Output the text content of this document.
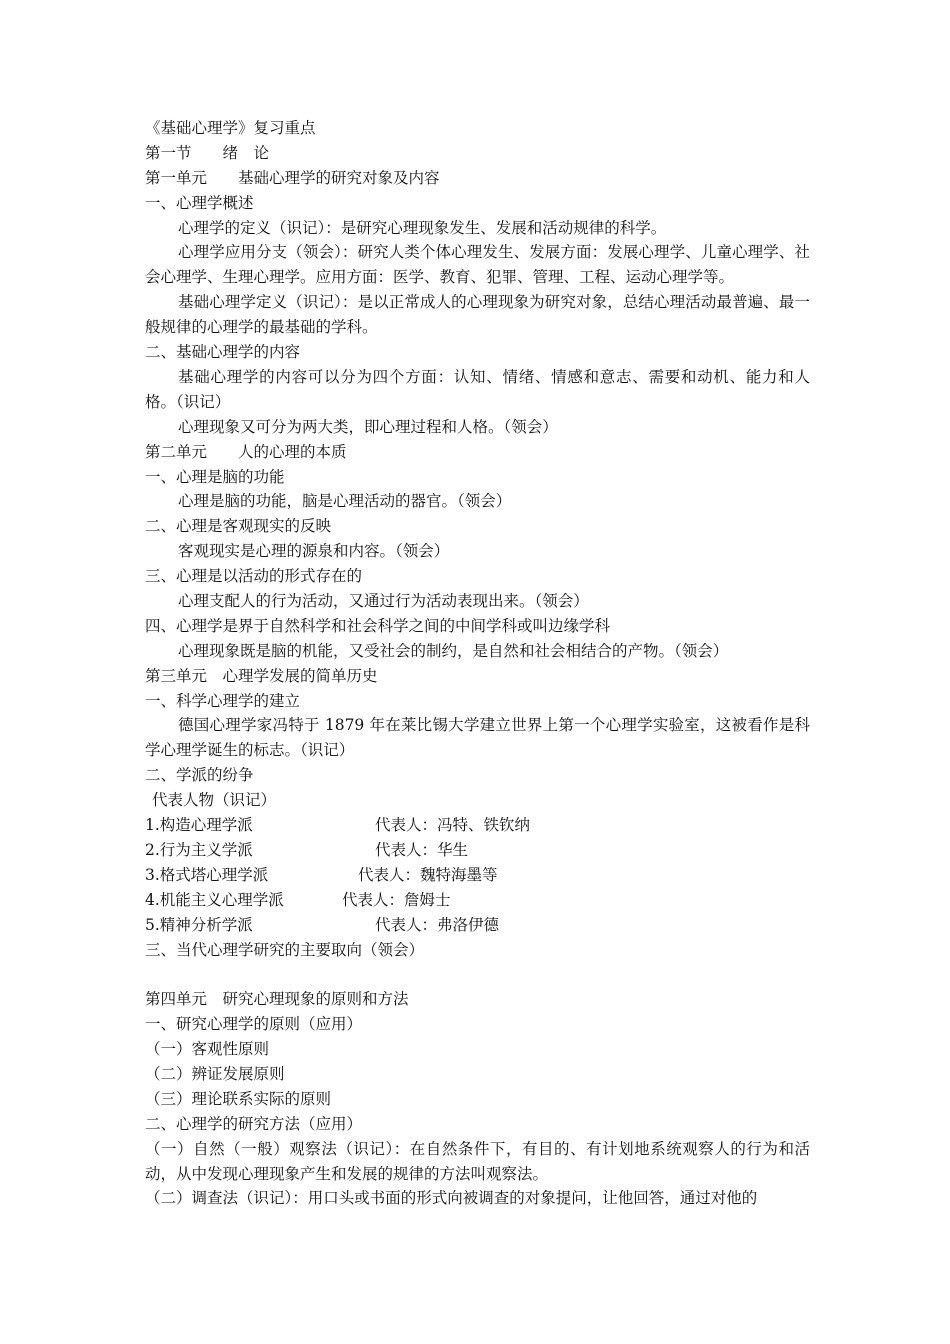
《基础心理学》复习重点
第一节　　绪　论
第一单元　　基础心理学的研究对象及内容
一、心理学概述
心理学的定义（识记）：是研究心理现象发生、发展和活动规律的科学。
心理学应用分支（领会）：研究人类个体心理发生、发展方面：发展心理学、儿童心理学、社会心理学、生理心理学。应用方面：医学、教育、犯罪、管理、工程、运动心理学等。
基础心理学定义（识记）：是以正常成人的心理现象为研究对象，总结心理活动最普遍、最一般规律的心理学的最基础的学科。
二、基础心理学的内容
基础心理学的内容可以分为四个方面：认知、情绪、情感和意志、需要和动机、能力和人格。（识记）
心理现象又可分为两大类，即心理过程和人格。（领会）
第二单元　　人的心理的本质
一、心理是脑的功能
心理是脑的功能，脑是心理活动的器官。（领会）
二、心理是客观现实的反映
客观现实是心理的源泉和内容。（领会）
三、心理是以活动的形式存在的
心理支配人的行为活动，又通过行为活动表现出来。（领会）
四、心理学是界于自然科学和社会科学之间的中间学科或叫边缘学科
心理现象既是脑的机能，又受社会的制约，是自然和社会相结合的产物。（领会）
第三单元　心理学发展的简单历史
一、科学心理学的建立
德国心理学家冯特于 1879 年在莱比锡大学建立世界上第一个心理学实验室，这被看作是科学心理学诞生的标志。（识记）
二、学派的纷争
代表人物（识记）
1.构造心理学派	代表人：冯特、铁钦纳
2.行为主义学派	代表人：华生
3.格式塔心理学派	代表人：魏特海墨等
4.机能主义心理学派	代表人：詹姆士
5.精神分析学派	代表人：弗洛伊德
三、当代心理学研究的主要取向（领会）
第四单元　研究心理现象的原则和方法
一、研究心理学的原则（应用）
（一）客观性原则
（二）辨证发展原则
（三）理论联系实际的原则
二、心理学的研究方法（应用）
（一）自然（一般）观察法（识记）：在自然条件下，有目的、有计划地系统观察人的行为和活动，从中发现心理现象产生和发展的规律的方法叫观察法。
（二）调查法（识记）：用口头或书面的形式向被调查的对象提问，让他回答，通过对他的
